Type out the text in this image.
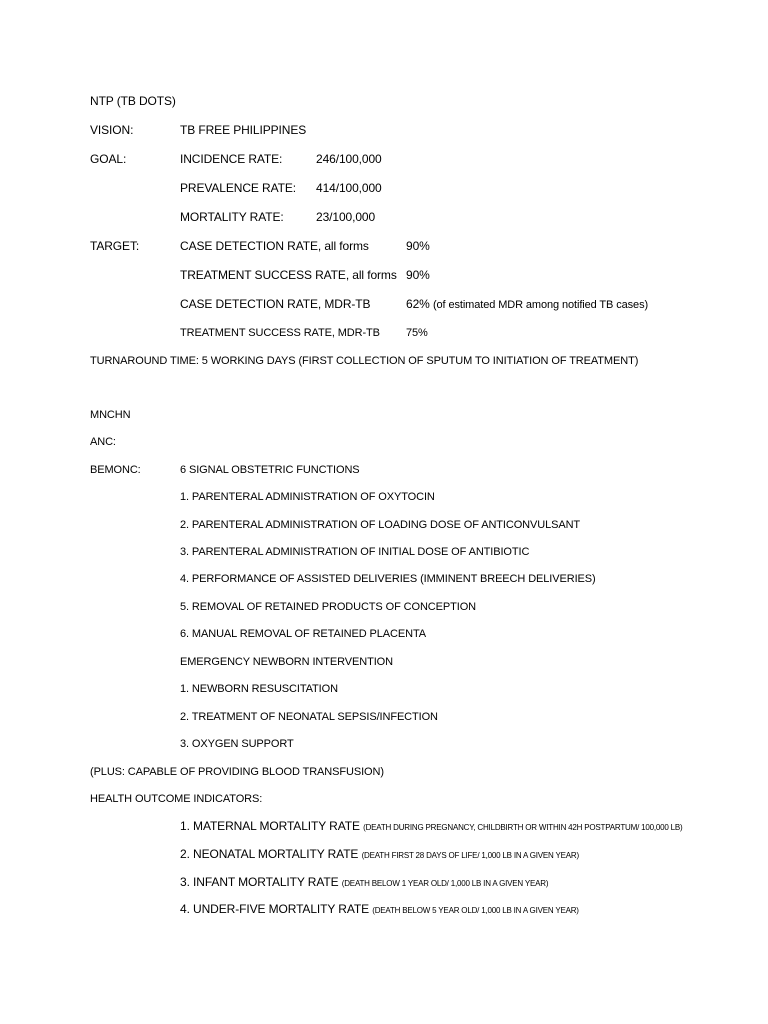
NTP (TB DOTS)
VISION:	TB FREE PHILIPPINES
GOAL:	INCIDENCE RATE:	246/100,000
PREVALENCE RATE: 414/100,000
MORTALITY RATE:	23/100,000
TARGET:	CASE DETECTION RATE, all forms	90%
TREATMENT SUCCESS RATE, all forms 90%
CASE DETECTION RATE, MDR-TB	62% (of estimated MDR among notified TB cases)
TREATMENT SUCCESS RATE, MDR-TB 75%
TURNAROUND TIME: 5 WORKING DAYS (FIRST COLLECTION OF SPUTUM TO INITIATION OF TREATMENT)
MNCHN
ANC:
BEMONC:	6 SIGNAL OBSTETRIC FUNCTIONS
1. PARENTERAL ADMINISTRATION OF OXYTOCIN
2. PARENTERAL ADMINISTRATION OF LOADING DOSE OF ANTICONVULSANT
3. PARENTERAL ADMINISTRATION OF INITIAL DOSE OF ANTIBIOTIC
4. PERFORMANCE OF ASSISTED DELIVERIES (IMMINENT BREECH DELIVERIES)
5. REMOVAL OF RETAINED PRODUCTS OF CONCEPTION
6. MANUAL REMOVAL OF RETAINED PLACENTA
EMERGENCY NEWBORN INTERVENTION
1. NEWBORN RESUSCITATION
2. TREATMENT OF NEONATAL SEPSIS/INFECTION
3. OXYGEN SUPPORT
(PLUS: CAPABLE OF PROVIDING BLOOD TRANSFUSION)
HEALTH OUTCOME INDICATORS:
1. MATERNAL MORTALITY RATE (DEATH DURING PREGNANCY, CHILDBIRTH OR WITHIN 42H POSTPARTUM/ 100,000 LB)
2. NEONATAL MORTALITY RATE (DEATH FIRST 28 DAYS OF LIFE/ 1,000 LB IN A GIVEN YEAR)
3. INFANT MORTALITY RATE (DEATH BELOW 1 YEAR OLD/ 1,000 LB IN A GIVEN YEAR)
4. UNDER-FIVE MORTALITY RATE (DEATH BELOW 5 YEAR OLD/ 1,000 LB IN A GIVEN YEAR)
